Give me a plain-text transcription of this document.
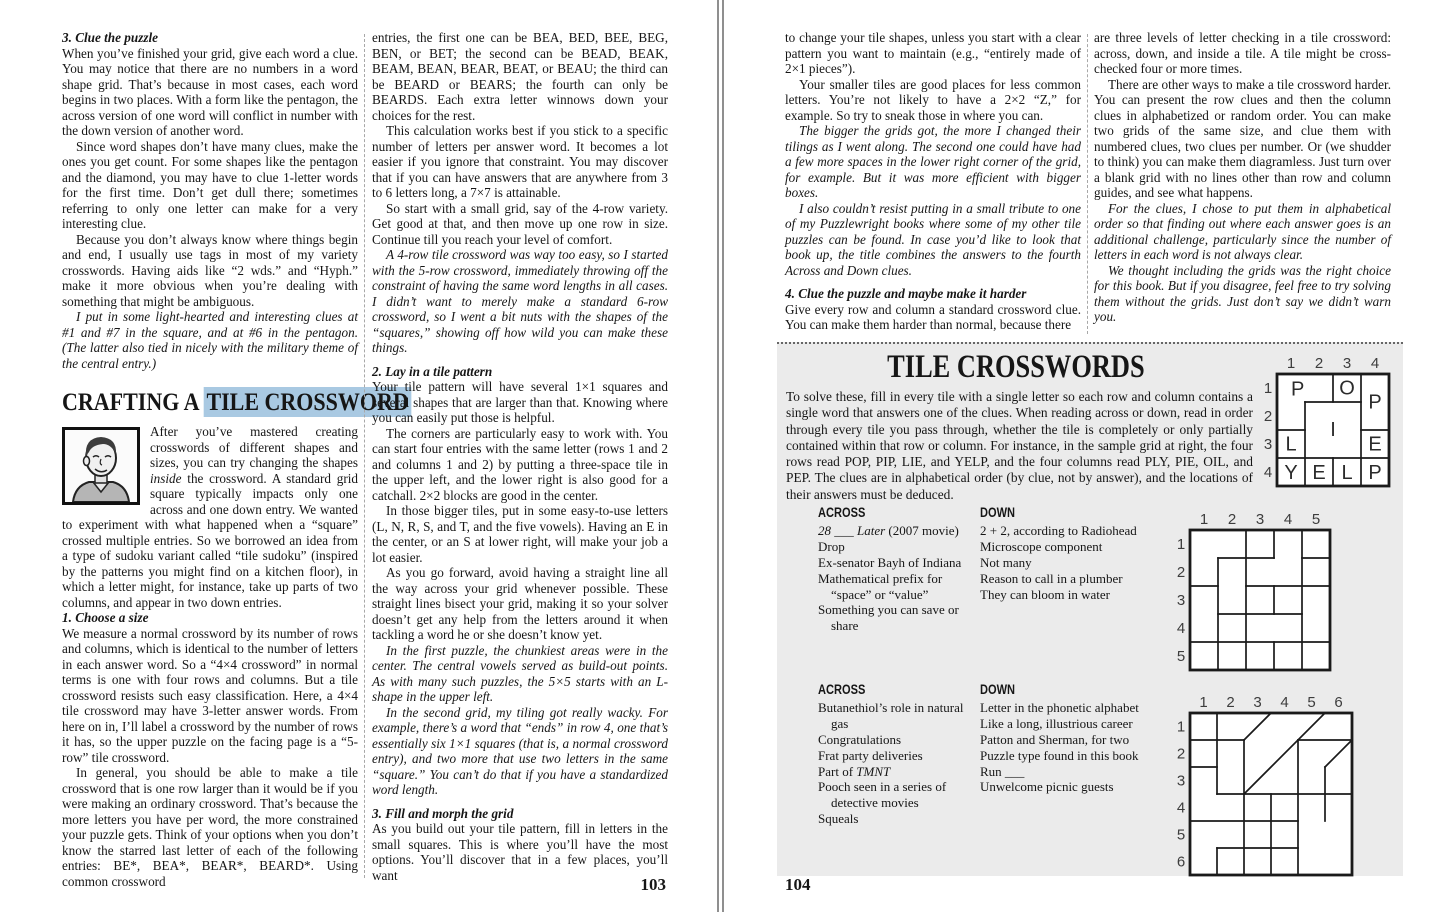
3. Clue the puzzle
When you’ve finished your grid, give each word a clue. You may notice that there are no numbers in a word shape grid. That’s because in most cases, each word begins in two places. With a form like the pentagon, the across version of one word will conflict in number with the down version of another word.
Since word shapes don’t have many clues, make the ones you get count. For some shapes like the pentagon and the diamond, you may have to clue 1-letter words for the first time. Don’t get dull there; sometimes referring to only one letter can make for a very interesting clue.
Because you don’t always know where things begin and end, I usually use tags in most of my variety crosswords. Having aids like “2 wds.” and “Hyph.” make it more obvious when you’re dealing with something that might be ambiguous.
I put in some light-hearted and interesting clues at #1 and #7 in the square, and at #6 in the pentagon. (The latter also tied in nicely with the military theme of the central entry.)
CRAFTING A TILE CROSSWORD
After you’ve mastered creating crosswords of different shapes and sizes, you can try changing the shapes inside the crossword. A standard grid square typically impacts only one across and one down entry. We wanted to experiment with what happened when a “square” crossed multiple entries. So we borrowed an idea from a type of sudoku variant called “tile sudoku” (inspired by the patterns you might find on a kitchen floor), in which a letter might, for instance, take up parts of two columns, and appear in two down entries.
1. Choose a size
We measure a normal crossword by its number of rows and columns, which is identical to the number of letters in each answer word. So a “4×4 crossword” in normal terms is one with four rows and columns. But a tile crossword resists such easy classification. Here, a 4×4 tile crossword may have 3-letter answer words. From here on in, I’ll label a crossword by the number of rows it has, so the upper puzzle on the facing page is a “5-row” tile crossword.
In general, you should be able to make a tile crossword that is one row larger than it would be if you were making an ordinary crossword. That’s because the more letters you have per word, the more constrained your puzzle gets. Think of your options when you don’t know the starred last letter of each of the following entries: BE*, BEA*, BEAR*, BEARD*. Using common crossword
entries, the first one can be BEA, BED, BEE, BEG, BEN, or BET; the second can be BEAD, BEAK, BEAM, BEAN, BEAR, BEAT, or BEAU; the third can be BEARD or BEARS; the fourth can only be BEARDS. Each extra letter winnows down your choices for the rest.
This calculation works best if you stick to a specific number of letters per answer word. It becomes a lot easier if you ignore that constraint. You may discover that if you can have answers that are anywhere from 3 to 6 letters long, a 7×7 is attainable.
So start with a small grid, say of the 4-row variety. Get good at that, and then move up one row in size. Continue till you reach your level of comfort.
A 4-row tile crossword was way too easy, so I started with the 5-row crossword, immediately throwing off the constraint of having the same word lengths in all cases. I didn’t want to merely make a standard 6-row crossword, so I went a bit nuts with the shapes of the “squares,” showing off how wild you can make these things.
2. Lay in a tile pattern
Your tile pattern will have several 1×1 squares and several shapes that are larger than that. Knowing where you can easily put those is helpful.
The corners are particularly easy to work with. You can start four entries with the same letter (rows 1 and 2 and columns 1 and 2) by putting a three-space tile in the upper left, and the lower right is also good for a catchall. 2×2 blocks are good in the center.
In those bigger tiles, put in some easy-to-use letters (L, N, R, S, and T, and the five vowels). Having an E in the center, or an S at lower right, will make your job a lot easier.
As you go forward, avoid having a straight line all the way across your grid whenever possible. These straight lines bisect your grid, making it so your solver doesn’t get any help from the letters around it when tackling a word he or she doesn’t know yet.
In the first puzzle, the chunkiest areas were in the center. The central vowels served as build-out points. As with many such puzzles, the 5×5 starts with an L-shape in the upper left.
In the second grid, my tiling got really wacky. For example, there’s a word that “ends” in row 4, one that’s essentially six 1×1 squares (that is, a normal crossword entry), and two more that use two letters in the same “square.” You can’t do that if you have a standardized word length.
3. Fill and morph the grid
As you build out your tile pattern, fill in letters in the small squares. This is where you’ll have the most options. You’ll discover that in a few places, you’ll want	103
to change your tile shapes, unless you start with a clear pattern you want to maintain (e.g., “entirely made of 2×1 pieces”).
Your smaller tiles are good places for less common letters. You’re not likely to have a 2×2 “Z,” for example. So try to sneak those in where you can.
The bigger the grids got, the more I changed their tilings as I went along. The second one could have had a few more spaces in the lower right corner of the grid, for example. But it was more efficient with bigger boxes.
I also couldn’t resist putting in a small tribute to one of my Puzzlewright books where some of my other tile puzzles can be found. In case you’d like to look that book up, the title combines the answers to the fourth Across and Down clues.
4. Clue the puzzle and maybe make it harder
Give every row and column a standard crossword clue. You can make them harder than normal, because there
are three levels of letter checking in a tile crossword: across, down, and inside a tile. A tile might be cross-checked four or more times.
There are other ways to make a tile crossword harder. You can present the row clues and then the column clues in alphabetized or random order. You can make two grids of the same size, and clue them with numbered clues, two clues per number. Or (we shudder to think) you can make them diagramless. Just turn over a blank grid with no lines other than row and column guides, and see what happens.
For the clues, I chose to put them in alphabetical order so that finding out where each answer goes is an additional challenge, particularly since the number of letters in each word is not always clear.
We thought including the grids was the right choice for this book. But if you disagree, feel free to try solving them without the grids. Just don’t say we didn’t warn you.
TILE CROSSWORDS
To solve these, fill in every tile with a single letter so each row and column contains a single word that answers one of the clues. When reading across or down, read in order through every tile you pass through, whether the tile is completely or only partially contained within that row or column. For instance, in the sample grid at right, the four rows read POP, PIP, LIE, and YELP, and the four columns read PLY, PIE, OIL, and PEP. The clues are in alphabetical order (by clue, not by answer), and the locations of their answers must be deduced.
1 2 3 4
1
2
3
4
P O
P
I
L	E
Y E L P
ACROSS
28 ___ Later (2007 movie)
Drop
Ex-senator Bayh of Indiana
Mathematical prefix for “space” or “value”
Something you can save or share
DOWN
2 + 2, according to Radiohead
Microscope component
Not many
Reason to call in a plumber
They can bloom in water
1 2 3 4 5
1
2
3
4
5
ACROSS
Butanethiol’s role in natural gas
Congratulations
Frat party deliveries
Part of TMNT
Pooch seen in a series of detective movies
Squeals
DOWN
Letter in the phonetic alphabet
Like a long, illustrious career
Patton and Sherman, for two
Puzzle type found in this book
Run ___
Unwelcome picnic guests
1 2 3 4 5 6
1
2
3
4
5
6
104
